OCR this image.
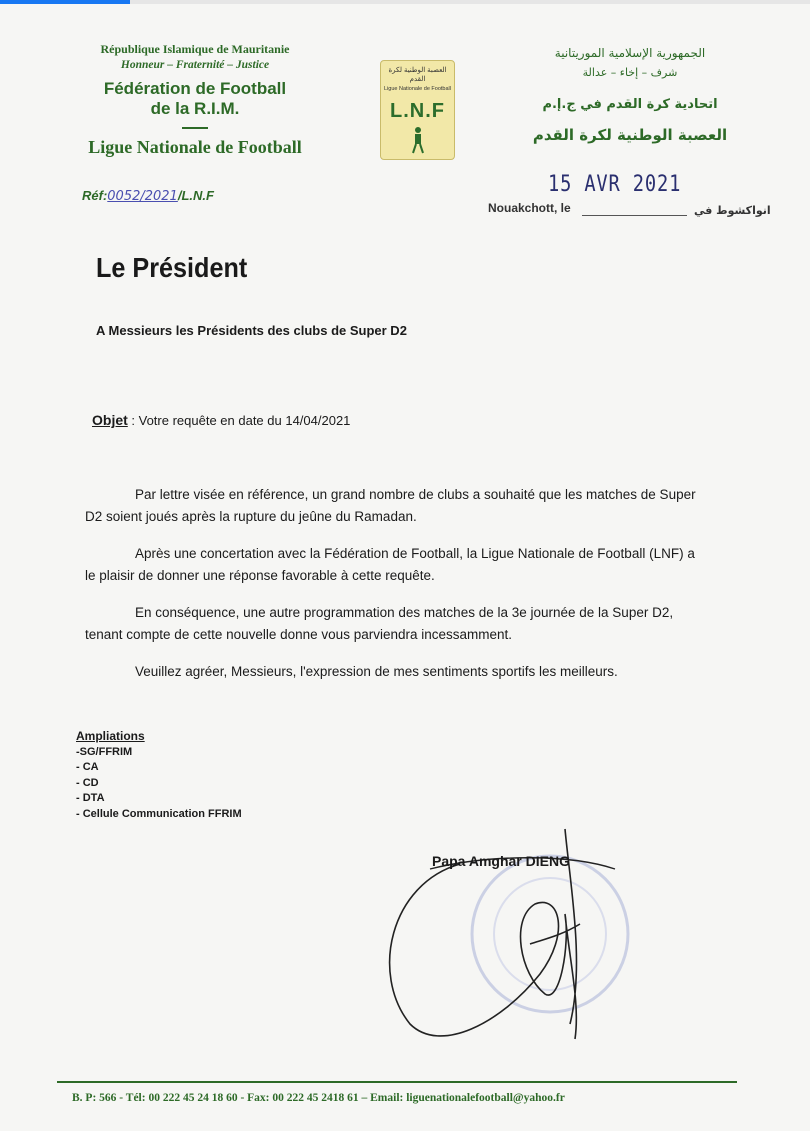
République Islamique de Mauritanie
Honneur – Fraternité – Justice
Fédération de Football
de la R.I.M.
Ligue Nationale de Football
Réf:0052/2021/L.N.F
العصبة الوطنية لكرة القدم
Ligue Nationale de Football
L.N.F
الجمهورية الإسلامية الموريتانية
شرف – إخاء – عدالة
اتحادية كرة القدم في ج.إ.م
العصبة الوطنية لكرة القدم
15 AVR 2021
Nouakchott, le	انواكشوط في
Le Président
A Messieurs les Présidents des clubs de Super D2
Objet : Votre requête en date du 14/04/2021

Par lettre visée en référence, un grand nombre de clubs a souhaité que les matches de Super D2 soient joués après la rupture du jeûne du Ramadan.

Après une concertation avec la Fédération de Football, la Ligue Nationale de Football (LNF) a le plaisir de donner une réponse favorable à cette requête.

En conséquence, une autre programmation des matches de la 3e journée de la Super D2, tenant compte de cette nouvelle donne vous parviendra incessamment.

Veuillez agréer, Messieurs, l'expression de mes sentiments sportifs les meilleurs.

Ampliations
-SG/FFRIM
- CA
- CD
- DTA
- Cellule Communication FFRIM
Papa Amghar DIENG
B. P: 566 - Tél: 00 222 45 24 18 60 - Fax: 00 222 45 2418 61 – Email: liguenationalefootball@yahoo.fr
